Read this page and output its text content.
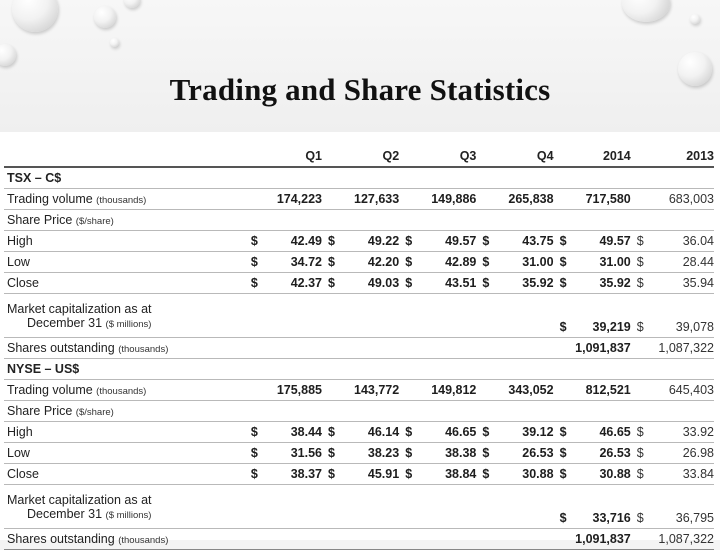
Trading and Share Statistics
		Q1		Q2		Q3		Q4		2014		2013
TSX – C$												
Trading volume (thousands)		174,223		127,633		149,886		265,838		717,580		683,003
Share Price ($/share)												
High	$	42.49	$	49.22	$	49.57	$	43.75	$	49.57	$	36.04
Low	$	34.72	$	42.20	$	42.89	$	31.00	$	31.00	$	28.44
Close	$	42.37	$	49.03	$	43.51	$	35.92	$	35.92	$	35.94
Market capitalization as at
December 31 ($ millions)									$	39,219	$	39,078
Shares outstanding (thousands)									1,091,837		1,087,322	
NYSE – US$												
Trading volume (thousands)		175,885		143,772		149,812		343,052		812,521		645,403
Share Price ($/share)												
High	$	38.44	$	46.14	$	46.65	$	39.12	$	46.65	$	33.92
Low	$	31.56	$	38.23	$	38.38	$	26.53	$	26.53	$	26.98
Close	$	38.37	$	45.91	$	38.84	$	30.88	$	30.88	$	33.84
Market capitalization as at
December 31 ($ millions)									$	33,716	$	36,795
Shares outstanding (thousands)									1,091,837		1,087,322	
